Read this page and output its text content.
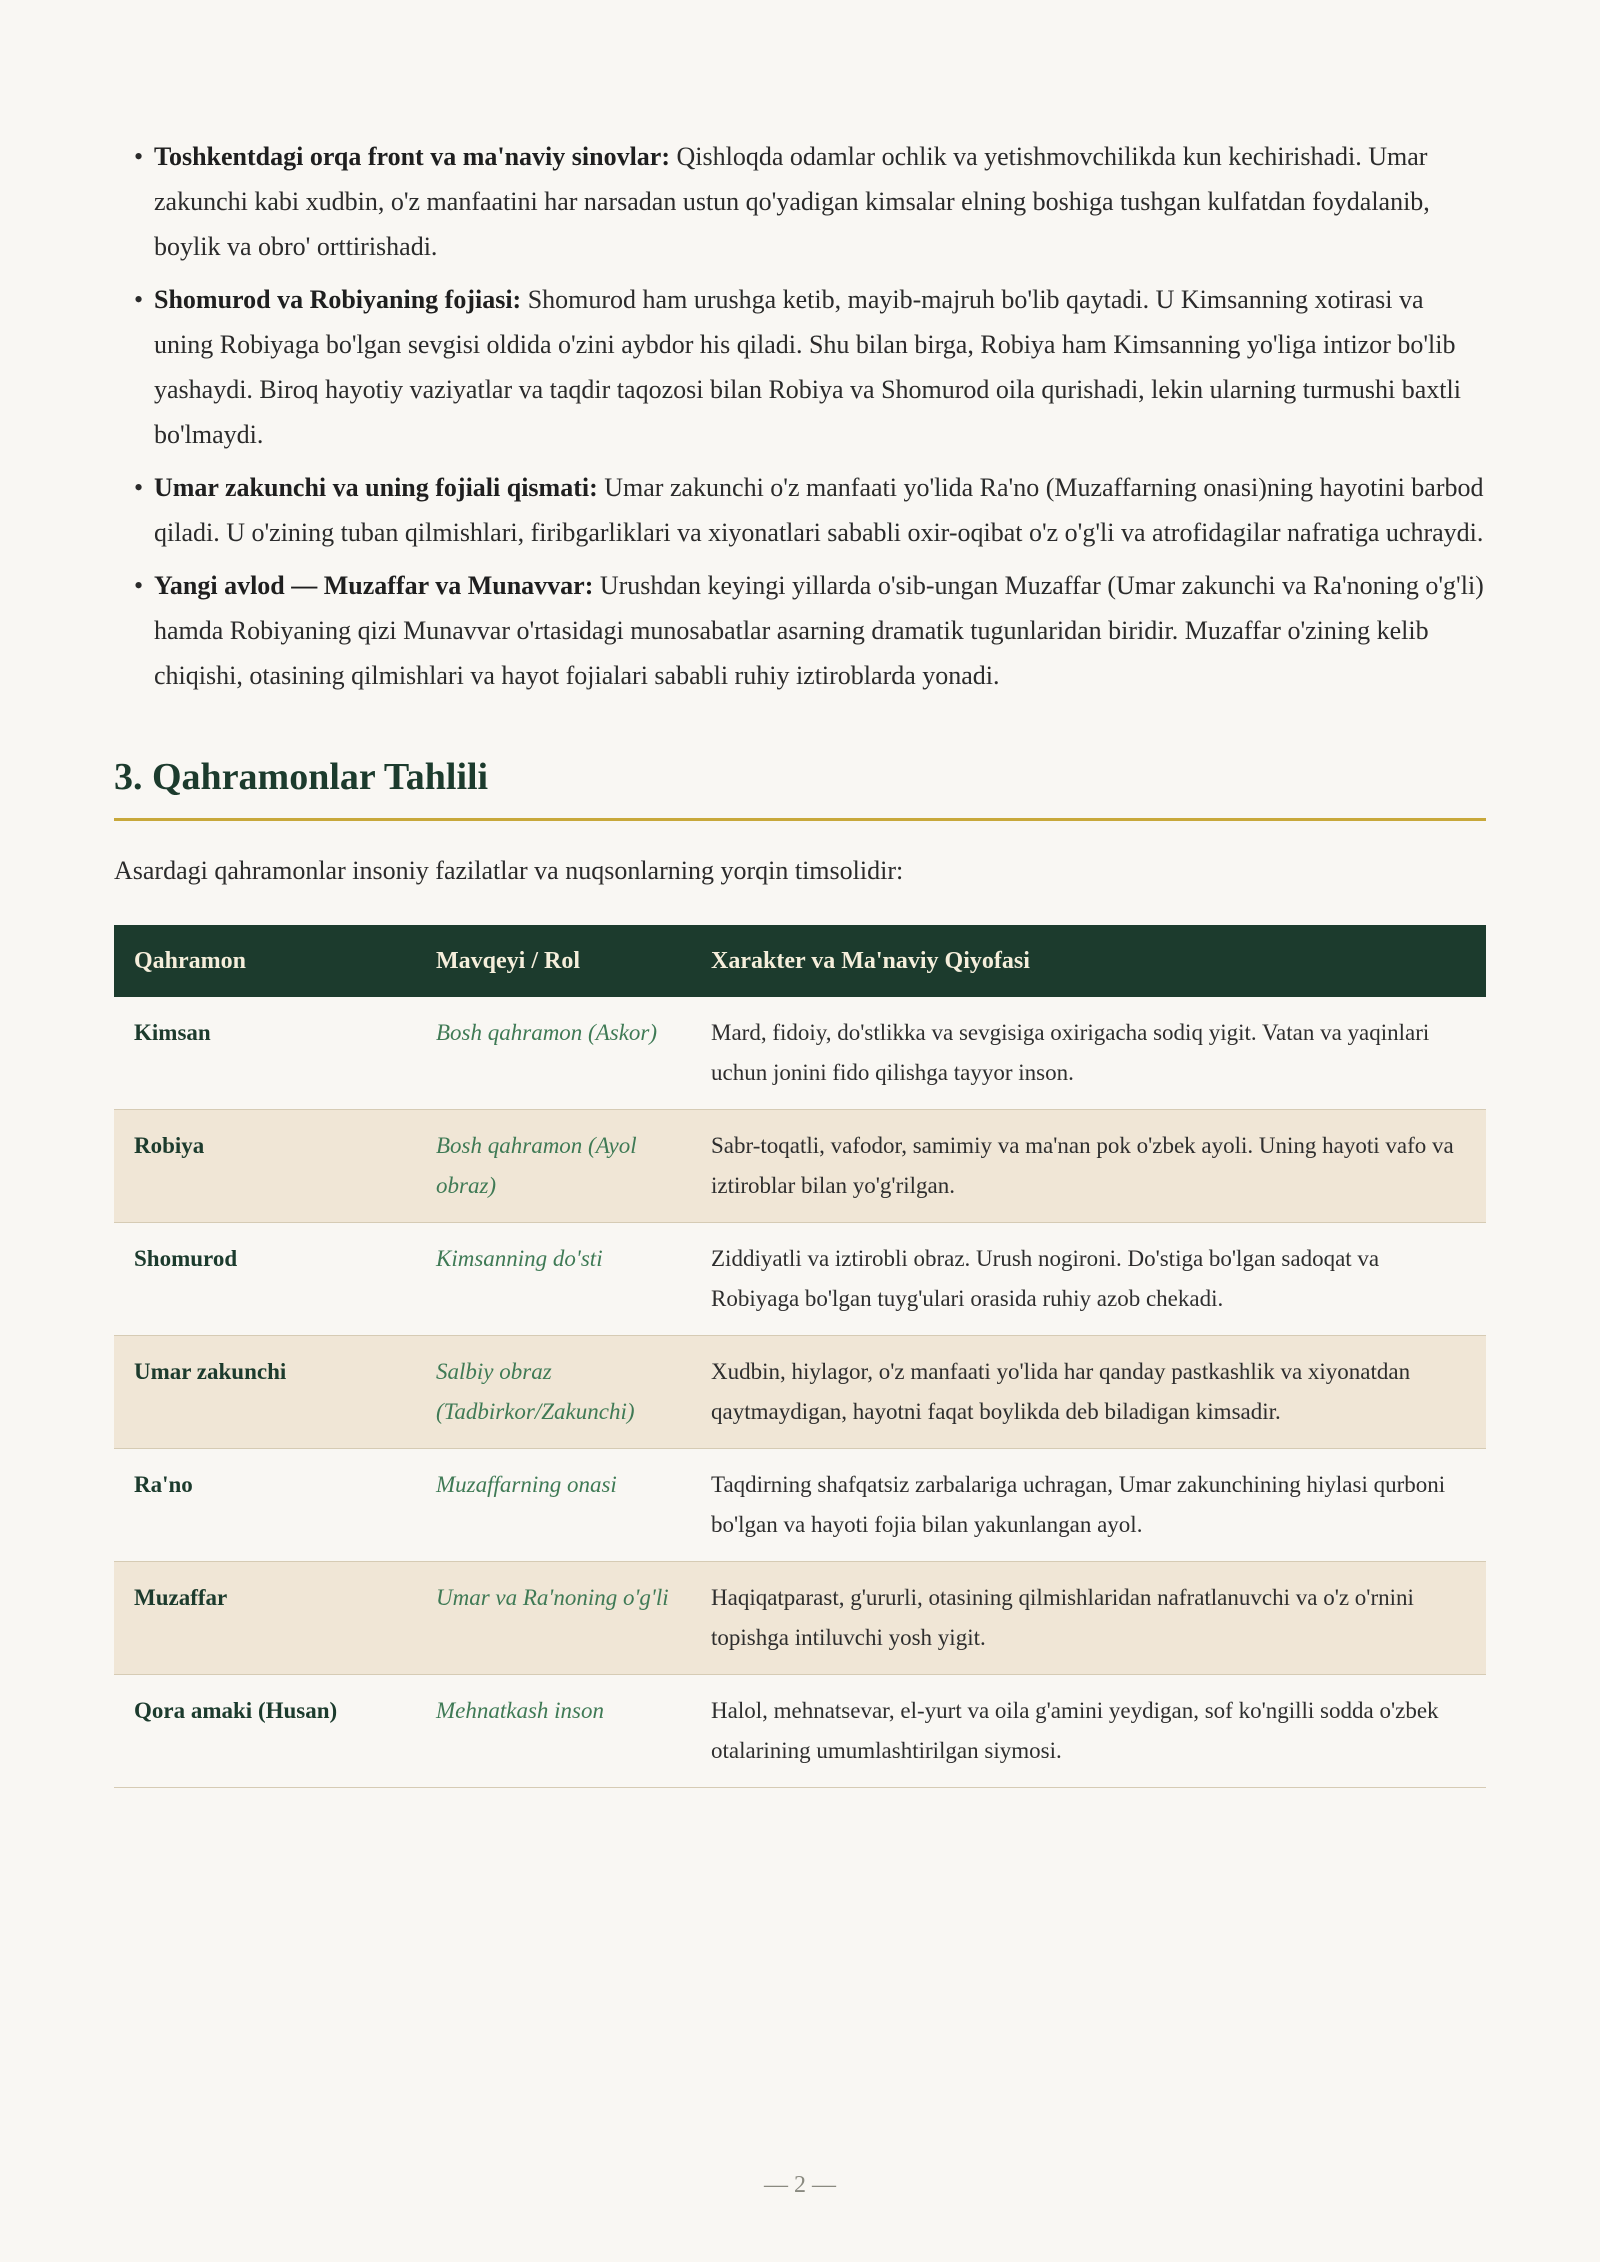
• Toshkentdagi orqa front va ma'naviy sinovlar: Qishloqda odamlar ochlik va yetishmovchilikda kun kechirishadi. Umar zakunchi kabi xudbin, o'z manfaatini har narsadan ustun qo'yadigan kimsalar elning boshiga tushgan kulfatdan foydalanib, boylik va obro' orttirishadi.
• Shomurod va Robiyaning fojiasi: Shomurod ham urushga ketib, mayib-majruh bo'lib qaytadi. U Kimsanning xotirasi va uning Robiyaga bo'lgan sevgisi oldida o'zini aybdor his qiladi. Shu bilan birga, Robiya ham Kimsanning yo'liga intizor bo'lib yashaydi. Biroq hayotiy vaziyatlar va taqdir taqozosi bilan Robiya va Shomurod oila qurishadi, lekin ularning turmushi baxtli bo'lmaydi.
• Umar zakunchi va uning fojiali qismati: Umar zakunchi o'z manfaati yo'lida Ra'no (Muzaffarning onasi)ning hayotini barbod qiladi. U o'zining tuban qilmishlari, firibgarliklari va xiyonatlari sababli oxir-oqibat o'z o'g'li va atrofidagilar nafratiga uchraydi.
• Yangi avlod — Muzaffar va Munavvar: Urushdan keyingi yillarda o'sib-ungan Muzaffar (Umar zakunchi va Ra'noning o'g'li) hamda Robiyaning qizi Munavvar o'rtasidagi munosabatlar asarning dramatik tugunlaridan biridir. Muzaffar o'zining kelib chiqishi, otasining qilmishlari va hayot fojialari sababli ruhiy iztiroblarda yonadi.
3. Qahramonlar Tahlili

Asardagi qahramonlar insoniy fazilatlar va nuqsonlarning yorqin timsolidir:

Qahramon	Mavqeyi / Rol	Xarakter va Ma'naviy Qiyofasi
Kimsan	Bosh qahramon (Askor)	Mard, fidoiy, do'stlikka va sevgisiga oxirigacha sodiq yigit. Vatan va yaqinlari uchun jonini fido qilishga tayyor inson.
Robiya	Bosh qahramon (Ayol obraz)	Sabr-toqatli, vafodor, samimiy va ma'nan pok o'zbek ayoli. Uning hayoti vafo va iztiroblar bilan yo'g'rilgan.
Shomurod	Kimsanning do'sti	Ziddiyatli va iztirobli obraz. Urush nogironi. Do'stiga bo'lgan sadoqat va Robiyaga bo'lgan tuyg'ulari orasida ruhiy azob chekadi.
Umar zakunchi	Salbiy obraz (Tadbirkor/Zakunchi)	Xudbin, hiylagor, o'z manfaati yo'lida har qanday pastkashlik va xiyonatdan qaytmaydigan, hayotni faqat boylikda deb biladigan kimsadir.
Ra'no	Muzaffarning onasi	Taqdirning shafqatsiz zarbalariga uchragan, Umar zakunchining hiylasi qurboni bo'lgan va hayoti fojia bilan yakunlangan ayol.
Muzaffar	Umar va Ra'noning o'g'li	Haqiqatparast, g'ururli, otasining qilmishlaridan nafratlanuvchi va o'z o'rnini topishga intiluvchi yosh yigit.
Qora amaki (Husan)	Mehnatkash inson	Halol, mehnatsevar, el-yurt va oila g'amini yeydigan, sof ko'ngilli sodda o'zbek otalarining umumlashtirilgan siymosi.
— 2 —
